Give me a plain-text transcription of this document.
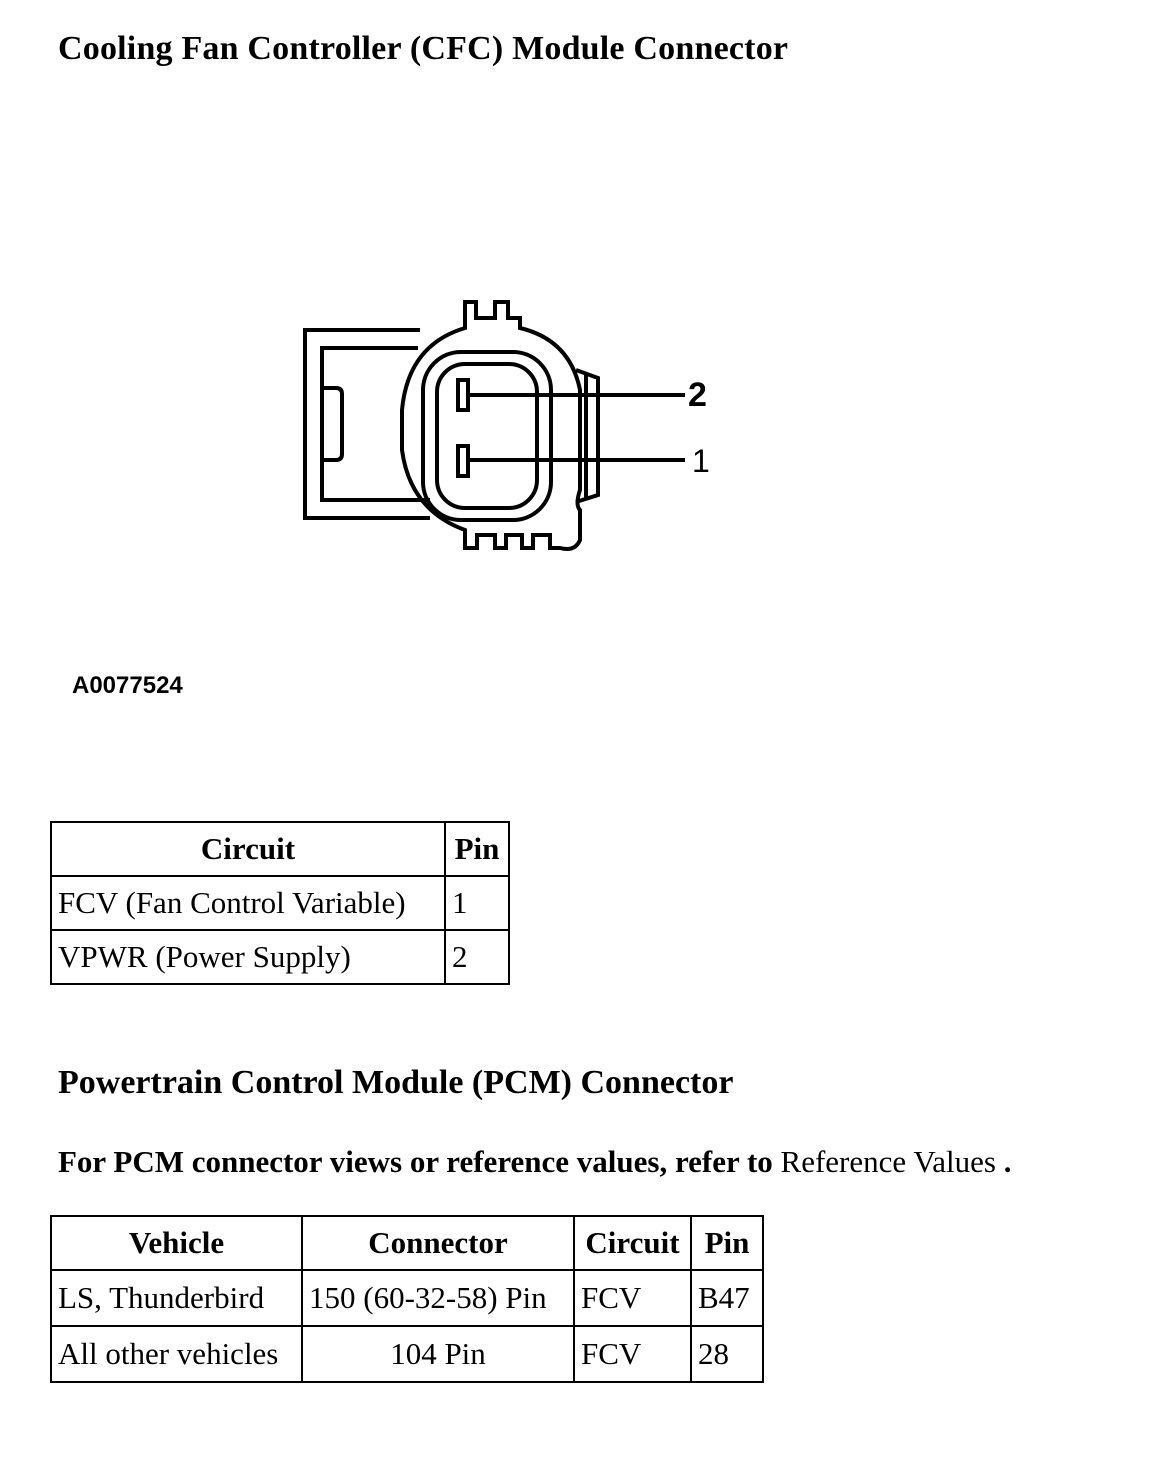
Cooling Fan Controller (CFC) Module Connector
2
1
A0077524
Circuit	Pin
FCV (Fan Control Variable)	1
VPWR (Power Supply)	2
Powertrain Control Module (PCM) Connector
For PCM connector views or reference values, refer to Reference Values .
Vehicle	Connector	Circuit	Pin
LS, Thunderbird	150 (60-32-58) Pin	FCV	B47
All other vehicles	104 Pin	FCV	28
